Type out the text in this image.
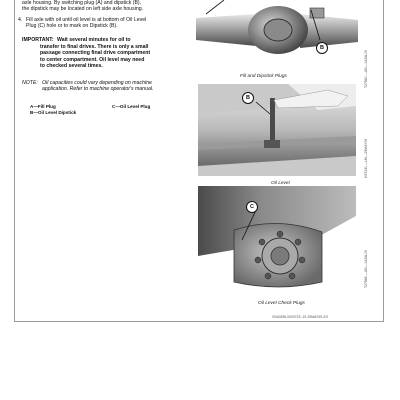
axle housing. By switching plug (A) and dipstick (B),
the dipstick may be located on left side axle housing.
4. Fill axle with oil until oil level is at bottom of Oil Level
Plug (C) hole or to mark on Dipstick (B).
IMPORTANT: Wait several minutes for oil to
transfer to final drives. There is only a small
passage connecting final drive compartment
to center compartment. Oil level may need
to checked several times.
NOTE: Oil capacities could vary depending on machine
application. Refer to machine operator's manual.
A—Fill Plug
B—Oil Level Dipstick
C—Oil Level Plug
B
Fill and Dipstick Plugs	T27860 —UN—14JUL09
B
Oil Level
H97241 —UN—29MAY09
C
Oil Level Check Plugs
T27866 —UN—14JUL09
VN40296,00007Z5 -19-29MAY09-2/3
